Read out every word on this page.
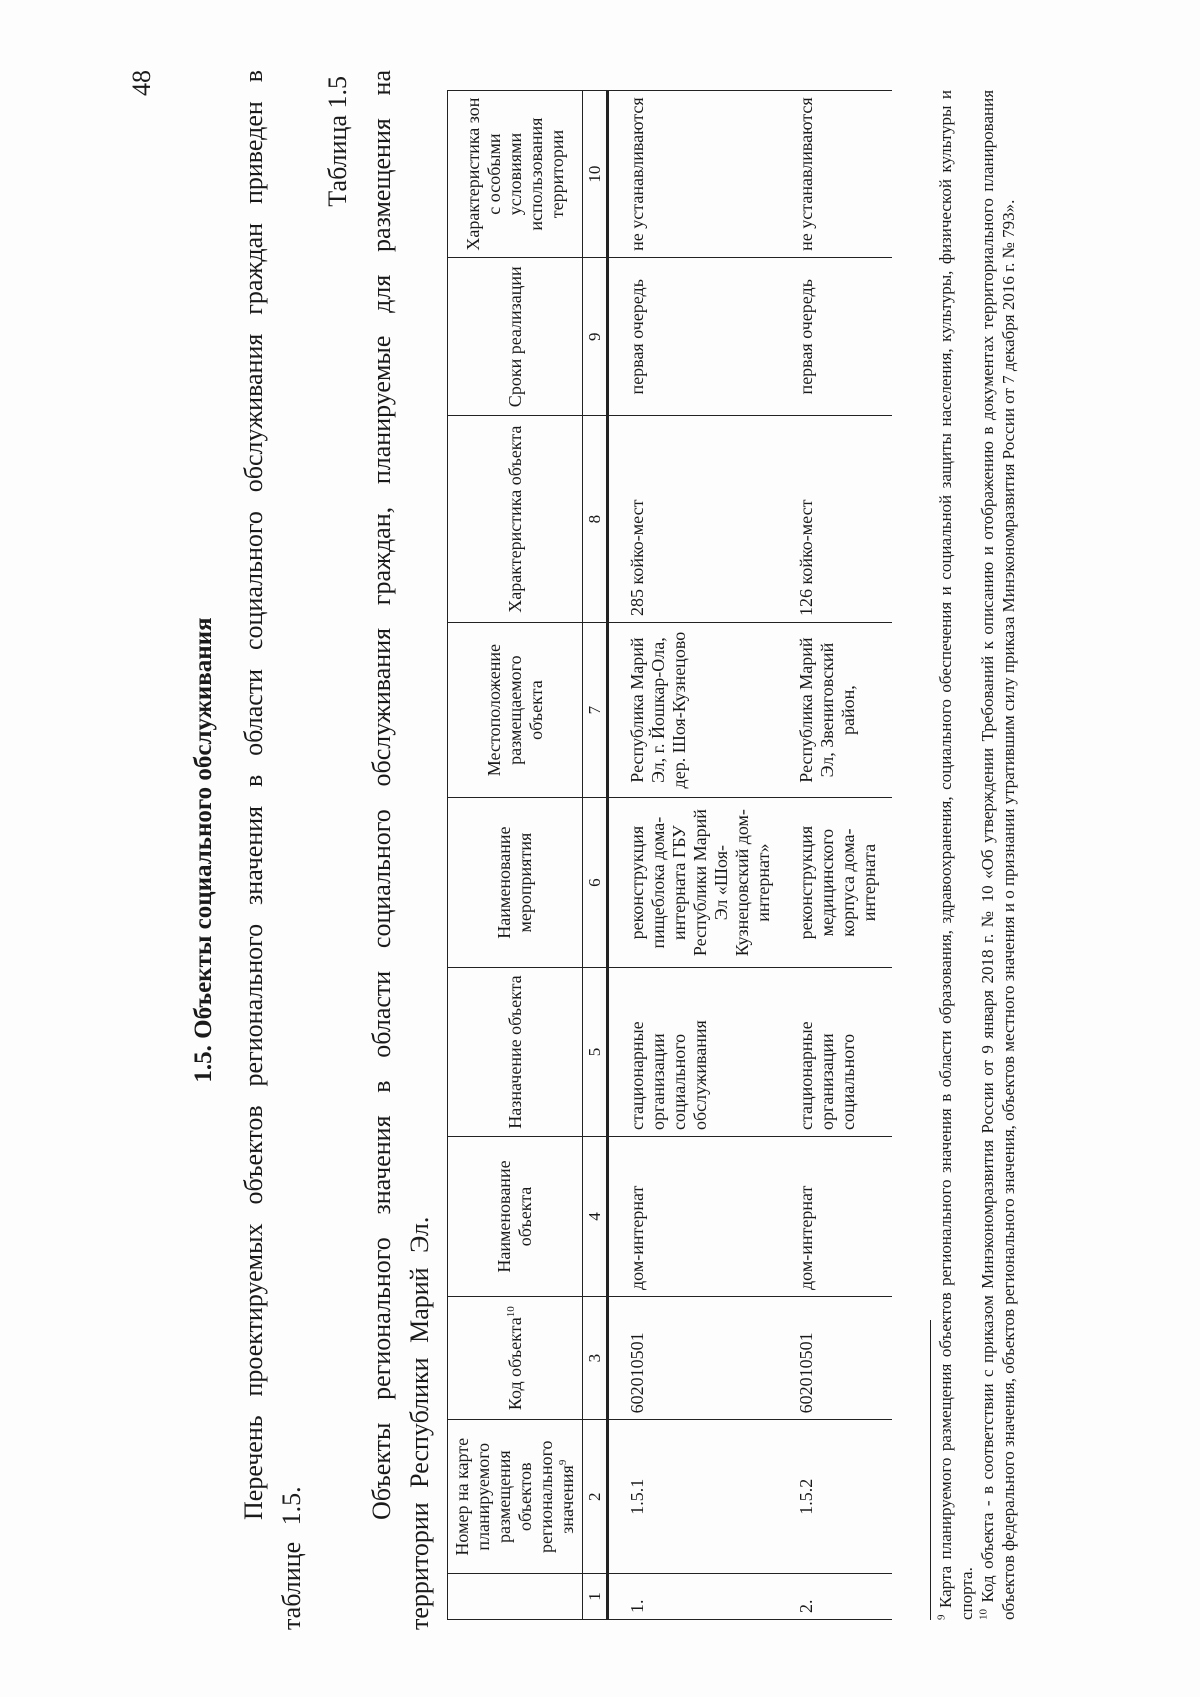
48
1.5. Объекты социального обслуживания Перечень проектируемых объектов регионального значения в области социального обслуживания граждан приведен в таблице 1.5.
Таблица 1.5 Объекты регионального значения в области социального обслуживания граждан, планируемые для размещения на территории Республики Марий Эл.
	Номер на карте планируемого размещения объектов регионального значения$^9$	Код объекта$^{10}$	Наименование объекта	Назначение объекта	Наименование мероприятия	Местоположение размещаемого объекта	Характеристика объекта	Сроки реализации	Характеристика зон с особыми условиями использования территории
1	2	3	4	5	6	7	8	9	10
1.	1.5.1	602010501	дом-интернат	стационарные организации социального обслуживания	реконструкция пищеблока дома-интерната ГБУ Республики Марий Эл «Шоя-Кузнецовский дом-интернат»	Республика Марий Эл, г. Йошкар-Ола, дер. Шоя-Кузнецово	285 койко-мест	первая очередь	не устанавливаются
2.	1.5.2	602010501	дом-интернат	стационарные организации социального	реконструкция медицинского корпуса дома-интерната	Республика Марий Эл, Звениговский район,	126 койко-мест	первая очередь	не устанавливаются

$^9$ Карта планируемого размещения объектов регионального значения в области образования, здравоохранения, социального обеспечения и социальной защиты населения, культуры, физической культуры и спорта. $^{10}$ Код объекта - в соответствии с приказом Минэкономразвития России от 9 января 2018 г. № 10 «Об утверждении Требований к описанию и отображению в документах территориального планирования объектов федерального значения, объектов регионального значения, объектов местного значения и о признании утратившим силу приказа Минэкономразвития России от 7 декабря 2016 г. № 793».
